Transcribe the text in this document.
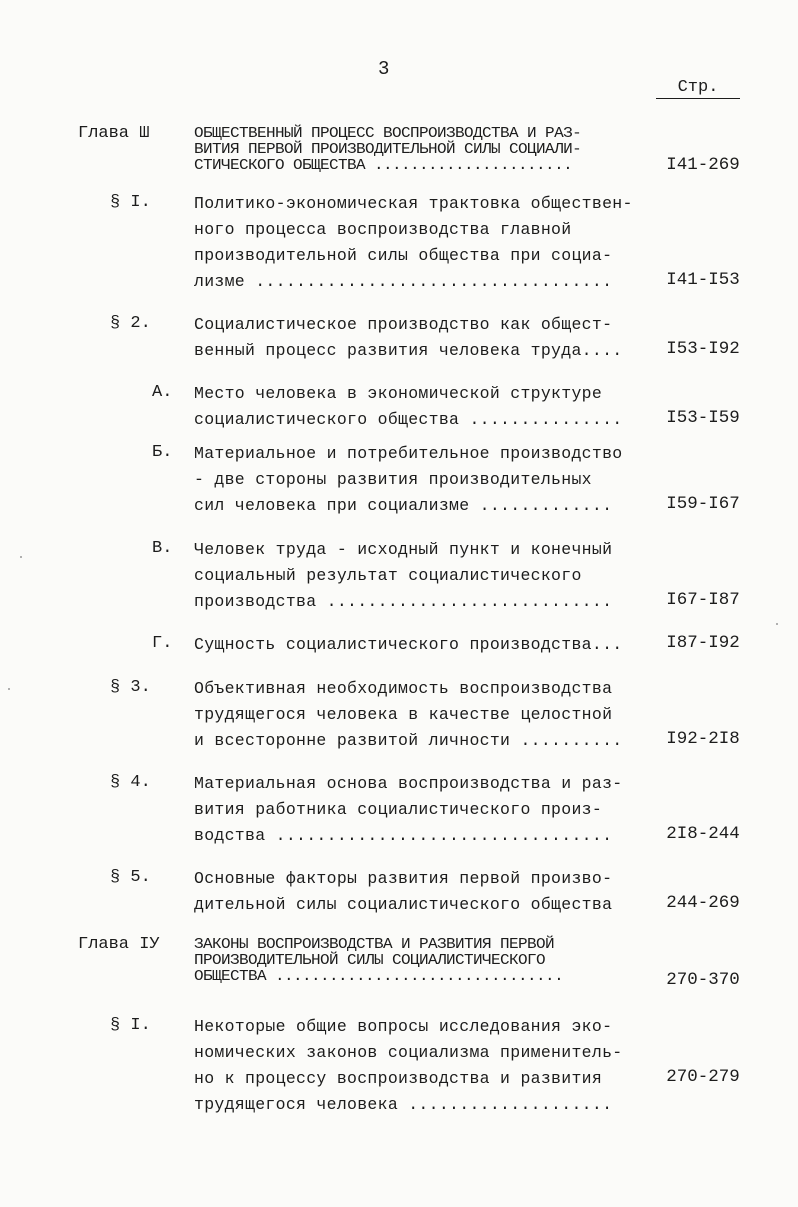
3
Стр.
Глава Ш	ОБЩЕСТВЕННЫЙ ПРОЦЕСС ВОСПРОИЗВОДСТВА И РАЗ-
ВИТИЯ ПЕРВОЙ ПРОИЗВОДИТЕЛЬНОЙ СИЛЫ СОЦИАЛИ-
СТИЧЕСКОГО ОБЩЕСТВА ......................	I41-269
§ I.	Политико-экономическая трактовка обществен-
ного процесса воспроизводства главной
производительной силы общества при социа-
лизме ...................................	I41-I53
§ 2.	Социалистическое производство как общест-
венный процесс развития человека труда....	I53-I92
А. Место человека в экономической структуре
социалистического общества ...............	I53-I59
Б. Материальное и потребительное производство
- две стороны развития производительных
сил человека при социализме .............	I59-I67
В. Человек труда - исходный пункт и конечный
социальный результат социалистического
производства ............................	I67-I87
Г. Сущность социалистического производства...	I87-I92
§ 3.	Объективная необходимость воспроизводства
трудящегося человека в качестве целостной
и всесторонне развитой личности ..........	I92-2I8
§ 4.	Материальная основа воспроизводства и раз-
вития работника социалистического произ-
водства .................................	2I8-244
§ 5.	Основные факторы развития первой произво-
дительной силы социалистического общества	244-269
Глава IУ ЗАКОНЫ ВОСПРОИЗВОДСТВА И РАЗВИТИЯ ПЕРВОЙ
ПРОИЗВОДИТЕЛЬНОЙ СИЛЫ СОЦИАЛИСТИЧЕСКОГО
ОБЩЕСТВА ................................	270-370
§ I.	Некоторые общие вопросы исследования эко-
номических законов социализма применитель-
но к процессу воспроизводства и развития
трудящегося человека ....................
270-279
